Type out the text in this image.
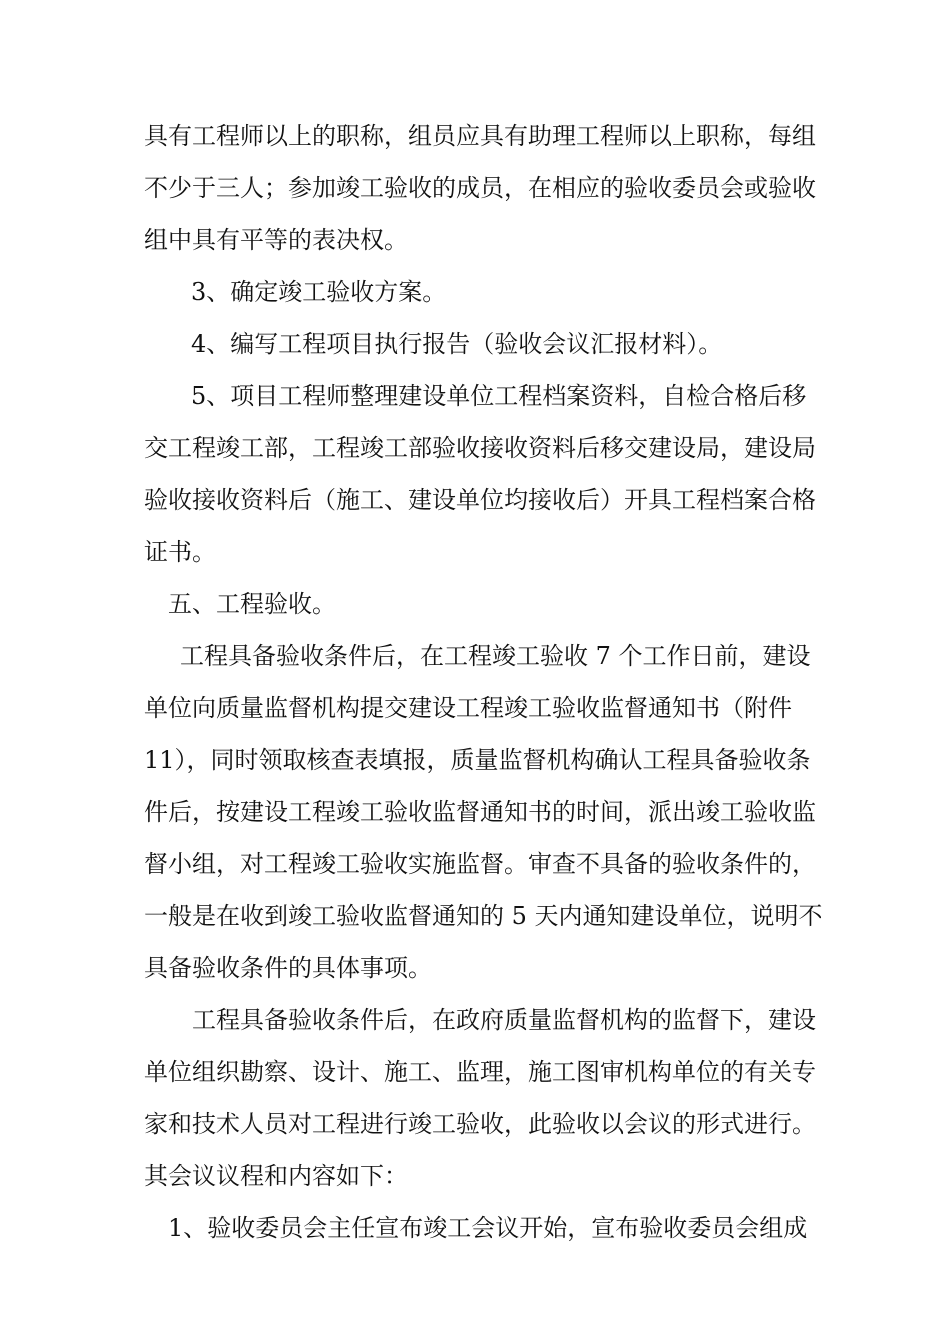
具有工程师以上的职称，组员应具有助理工程师以上职称，每组
不少于三人；参加竣工验收的成员，在相应的验收委员会或验收
组中具有平等的表决权。
3、确定竣工验收方案。
4、编写工程项目执行报告（验收会议汇报材料）。
5、项目工程师整理建设单位工程档案资料，自检合格后移
交工程竣工部，工程竣工部验收接收资料后移交建设局，建设局
验收接收资料后（施工、建设单位均接收后）开具工程档案合格
证书。
五、工程验收。
工程具备验收条件后，在工程竣工验收 7 个工作日前，建设
单位向质量监督机构提交建设工程竣工验收监督通知书（附件
11），同时领取核查表填报，质量监督机构确认工程具备验收条
件后，按建设工程竣工验收监督通知书的时间，派出竣工验收监
督小组，对工程竣工验收实施监督。审查不具备的验收条件的，
一般是在收到竣工验收监督通知的 5 天内通知建设单位，说明不
具备验收条件的具体事项。
工程具备验收条件后，在政府质量监督机构的监督下，建设
单位组织勘察、设计、施工、监理，施工图审机构单位的有关专
家和技术人员对工程进行竣工验收，此验收以会议的形式进行。
其会议议程和内容如下：
1、验收委员会主任宣布竣工会议开始，宣布验收委员会组成
